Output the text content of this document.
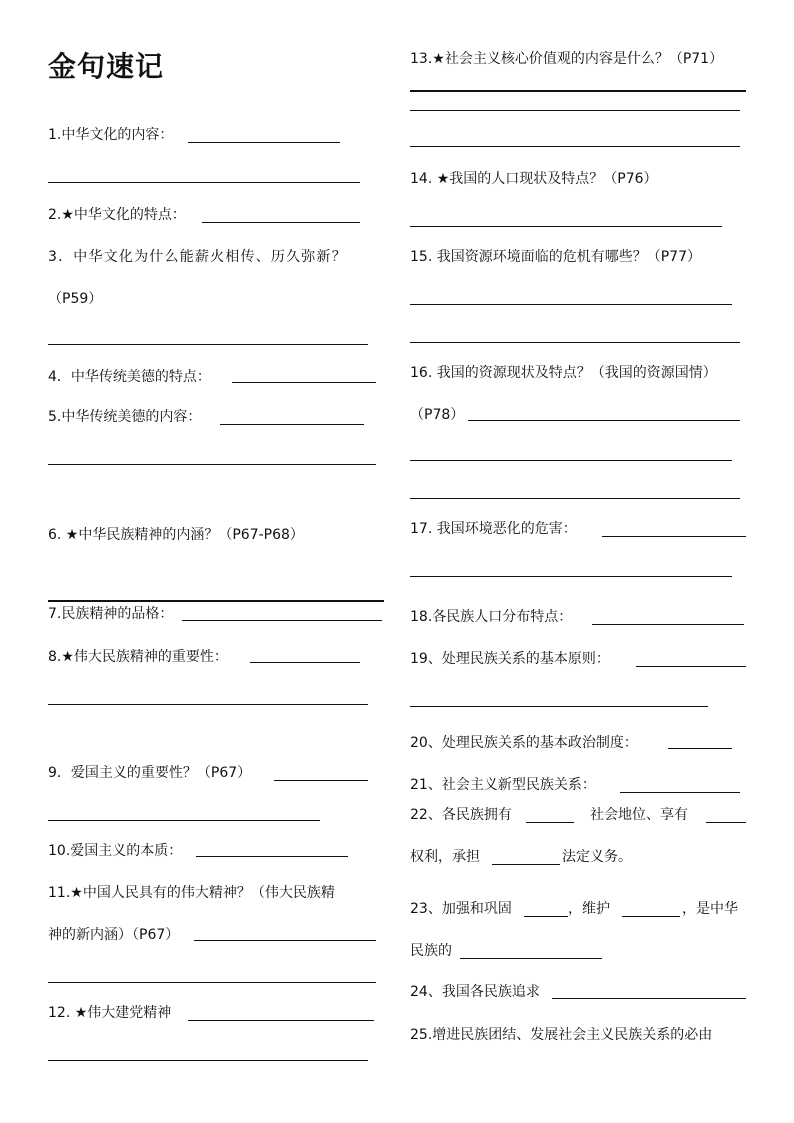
金句速记
1.中华文化的内容：
2.★中华文化的特点：
3．中华文化为什么能薪火相传、历久弥新？
（P59）
4．中华传统美德的特点：
5.中华传统美德的内容：
6. ★中华民族精神的内涵？（P67-P68）
7.民族精神的品格：
8.★伟大民族精神的重要性：
9．爱国主义的重要性？（P67）
10.爱国主义的本质：
11.★中国人民具有的伟大精神？（伟大民族精
神的新内涵）（P67）
12. ★伟大建党精神
13.★社会主义核心价值观的内容是什么？（P71）
14. ★我国的人口现状及特点？（P76）
15. 我国资源环境面临的危机有哪些？（P77）
16. 我国的资源现状及特点？（我国的资源国情）
（P78）
17. 我国环境恶化的危害：
18.各民族人口分布特点：
19、处理民族关系的基本原则：
20、处理民族关系的基本政治制度：
21、社会主义新型民族关系：
22、各民族拥有	社会地位、享有
权利，承担	法定义务。
23、加强和巩固	，维护	，是中华
民族的
24、我国各民族追求
25.增进民族团结、发展社会主义民族关系的必由
